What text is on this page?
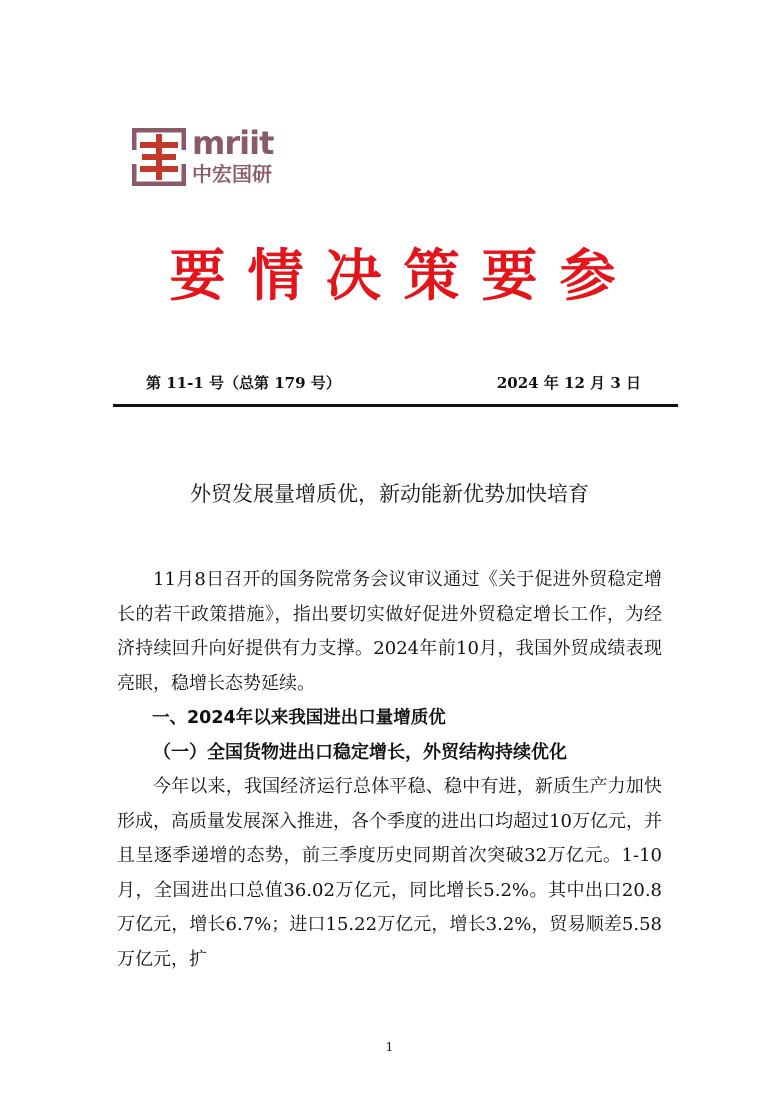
mriit
中宏国研
要情决策要参
第 11-1 号（总第 179 号）	2024 年 12 月 3 日
外贸发展量增质优，新动能新优势加快培育

11月8日召开的国务院常务会议审议通过《关于促进外贸稳定增长的若干政策措施》，指出要切实做好促进外贸稳定增长工作，为经济持续回升向好提供有力支撑。2024年前10月，我国外贸成绩表现亮眼，稳增长态势延续。

一、2024年以来我国进出口量增质优

（一）全国货物进出口稳定增长，外贸结构持续优化

今年以来，我国经济运行总体平稳、稳中有进，新质生产力加快形成，高质量发展深入推进，各个季度的进出口均超过10万亿元，并且呈逐季递增的态势，前三季度历史同期首次突破32万亿元。1-10月，全国进出口总值36.02万亿元，同比增长5.2%。其中出口20.8万亿元，增长6.7%；进口15.22万亿元，增长3.2%，贸易顺差5.58万亿元，扩

1
